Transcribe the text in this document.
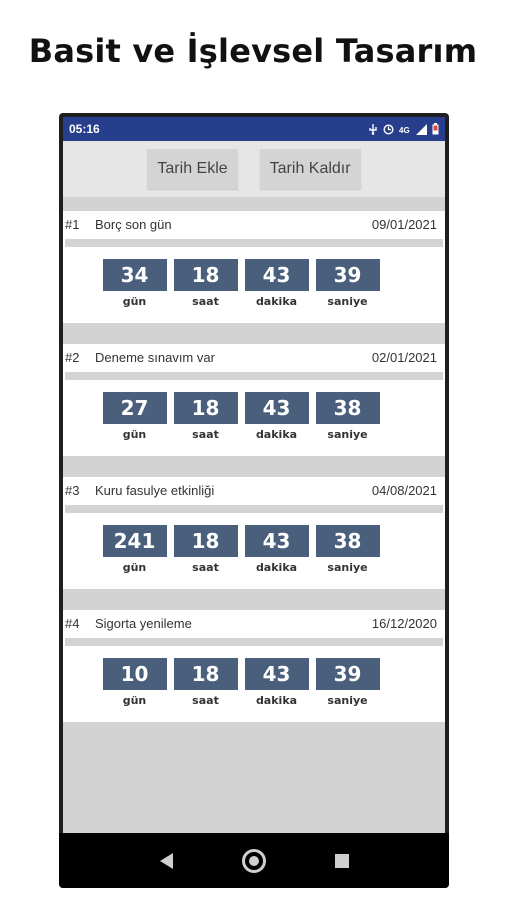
Basit ve İşlevsel Tasarım
05:16	4G
Tarih Ekle	Tarih Kaldır
#1	Borç son gün	09/01/2021
34
gün
18
saat
43
dakika
39
saniye
#2	Deneme sınavım var	02/01/2021
27
gün
18
saat
43
dakika
38
saniye
#3	Kuru fasulye etkinliği	04/08/2021
241
gün
18
saat
43
dakika
38
saniye
#4	Sigorta yenileme	16/12/2020
10
gün
18
saat
43
dakika
39
saniye
